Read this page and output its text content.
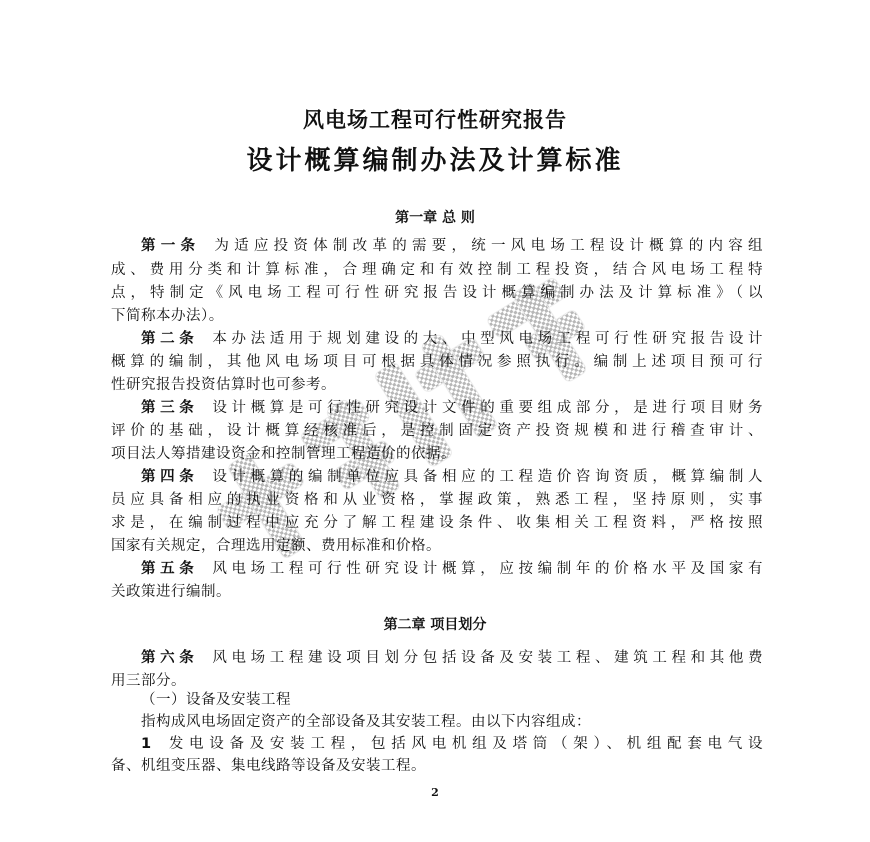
风电场工程可行性研究报告
设计概算编制办法及计算标准
第一章 总 则
第一条 为适应投资体制改革的需要，统一风电场工程设计概算的内容组
成、费用分类和计算标准，合理确定和有效控制工程投资，结合风电场工程特
点，特制定《风电场工程可行性研究报告设计概算编制办法及计算标准》（以
下简称本办法）。
第二条 本办法适用于规划建设的大、中型风电场工程可行性研究报告设计
概算的编制，其他风电场项目可根据具体情况参照执行。编制上述项目预可行
性研究报告投资估算时也可参考。
第三条 设计概算是可行性研究设计文件的重要组成部分，是进行项目财务
评价的基础，设计概算经核准后，是控制固定资产投资规模和进行稽查审计、
项目法人筹措建设资金和控制管理工程造价的依据。
第四条 设计概算的编制单位应具备相应的工程造价咨询资质，概算编制人
员应具备相应的执业资格和从业资格，掌握政策，熟悉工程，坚持原则，实事
求是，在编制过程中应充分了解工程建设条件、收集相关工程资料，严格按照
国家有关规定，合理选用定额、费用标准和价格。
第五条 风电场工程可行性研究设计概算，应按编制年的价格水平及国家有
关政策进行编制。
第二章 项目划分
第六条 风电场工程建设项目划分包括设备及安装工程、建筑工程和其他费
用三部分。
（一）设备及安装工程
指构成风电场固定资产的全部设备及其安装工程。由以下内容组成：
1 发电设备及安装工程，包括风电机组及塔筒（架）、机组配套电气设
备、机组变压器、集电线路等设备及安装工程。
2
